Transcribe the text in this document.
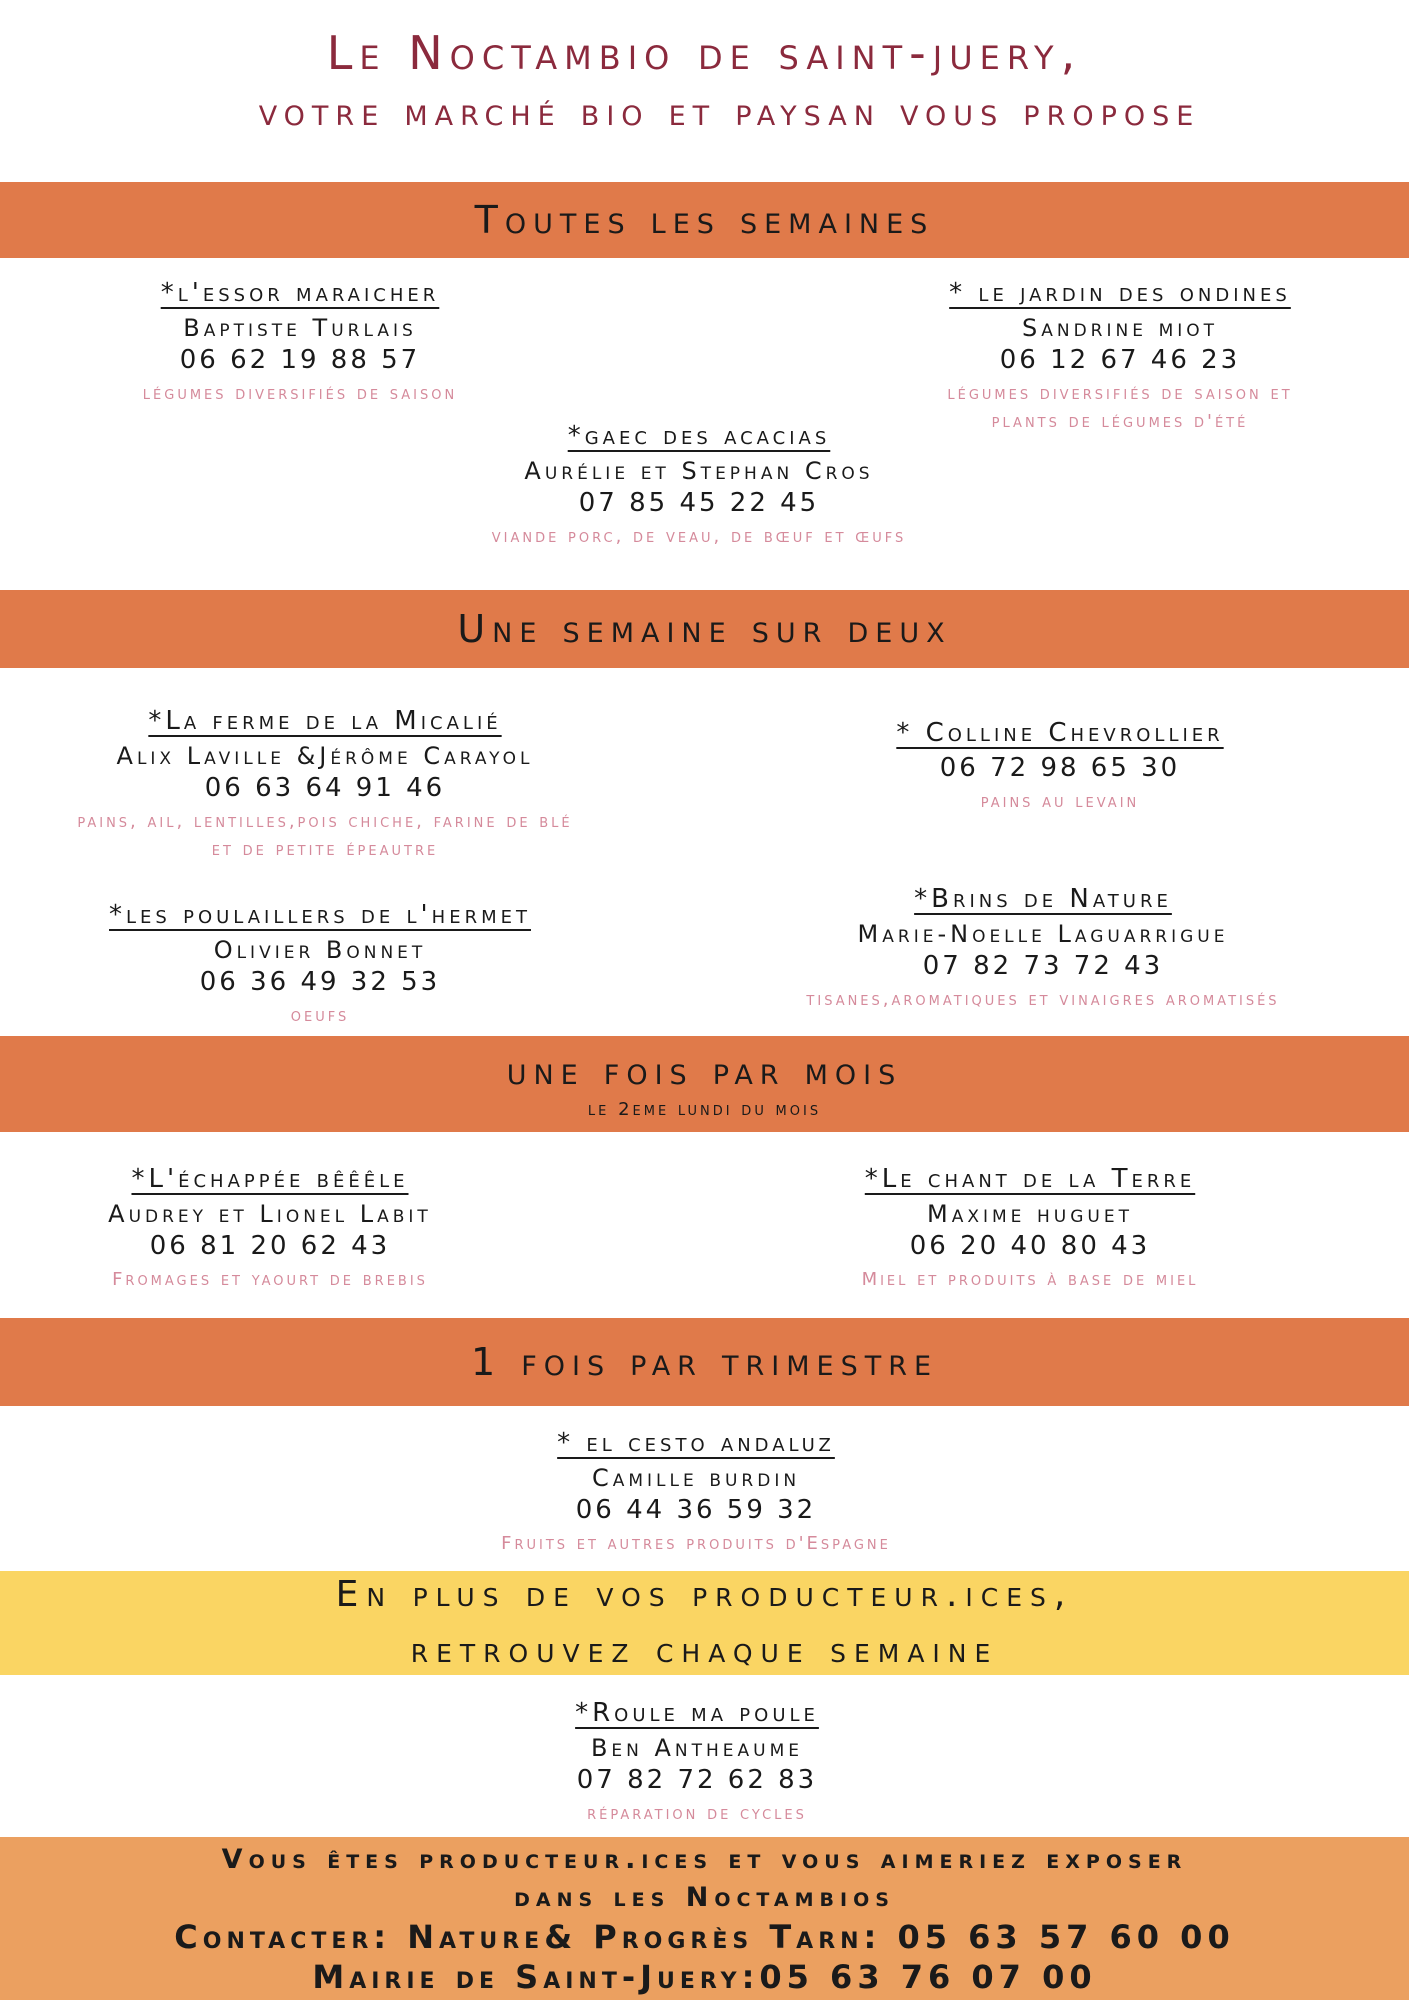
Le Noctambio de saint-juery,
votre marché bio et paysan vous propose
Toutes les semaines
*l'essor maraicher
Baptiste Turlais
06 62 19 88 57
légumes diversifiés de saison
* le jardin des ondines
Sandrine miot
06 12 67 46 23
légumes diversifiés de saison et
plants de légumes d'été
*gaec des acacias
Aurélie et Stephan Cros
07 85 45 22 45
viande porc, de veau, de bœuf et œufs
Une semaine sur deux
*La ferme de la Micalié
Alix Laville &Jérôme Carayol
06 63 64 91 46
pains, ail, lentilles,pois chiche, farine de blé
et de petite épeautre
* Colline Chevrollier
06 72 98 65 30
pains au levain
*les poulaillers de l'hermet
Olivier Bonnet
06 36 49 32 53
oeufs
*Brins de Nature
Marie-Noelle Laguarrigue
07 82 73 72 43
tisanes,aromatiques et vinaigres aromatisés
une fois par mois
le 2eme lundi du mois
*L'échappée bêêêle
Audrey et Lionel Labit
06 81 20 62 43
Fromages et yaourt de brebis
*Le chant de la Terre
Maxime huguet
06 20 40 80 43
Miel et produits à base de miel
1 fois par trimestre
* el cesto andaluz
Camille burdin
06 44 36 59 32
Fruits et autres produits d'Espagne
En plus de vos producteur.ices,
retrouvez chaque semaine
*Roule ma poule
Ben Antheaume
07 82 72 62 83
réparation de cycles
Vous êtes producteur.ices et vous aimeriez exposer
dans les Noctambios
Contacter: Nature& Progrès Tarn: 05 63 57 60 00
Mairie de Saint-Juery:05 63 76 07 00
